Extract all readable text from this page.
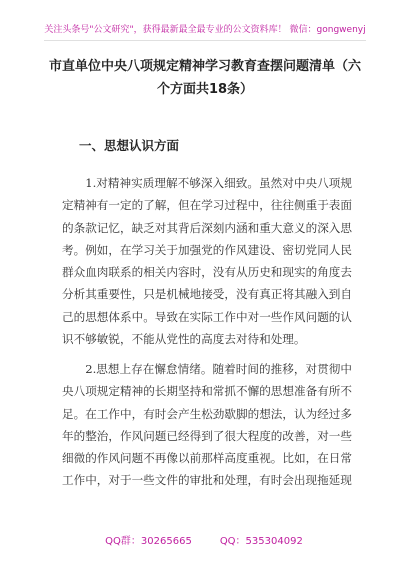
关注头条号"公文研究"，获得最新最全最专业的公文资料库！ 微信：gongwenyj
市直单位中央八项规定精神学习教育查摆问题清单（六个方面共18条）
一、思想认识方面

1.对精神实质理解不够深入细致。虽然对中央八项规定精神有一定的了解，但在学习过程中，往往侧重于表面的条款记忆，缺乏对其背后深刻内涵和重大意义的深入思考。例如，在学习关于加强党的作风建设、密切党同人民群众血肉联系的相关内容时，没有从历史和现实的角度去分析其重要性，只是机械地接受，没有真正将其融入到自己的思想体系中。导致在实际工作中对一些作风问题的认识不够敏锐，不能从党性的高度去对待和处理。

2.思想上存在懈怠情绪。随着时间的推移，对贯彻中央八项规定精神的长期坚持和常抓不懈的思想准备有所不足。在工作中，有时会产生松劲歇脚的想法，认为经过多年的整治，作风问题已经得到了很大程度的改善，对一些细微的作风问题不再像以前那样高度重视。比如，在日常工作中，对于一些文件的审批和处理，有时会出现拖延现

QQ群：30265665	QQ：535304092
